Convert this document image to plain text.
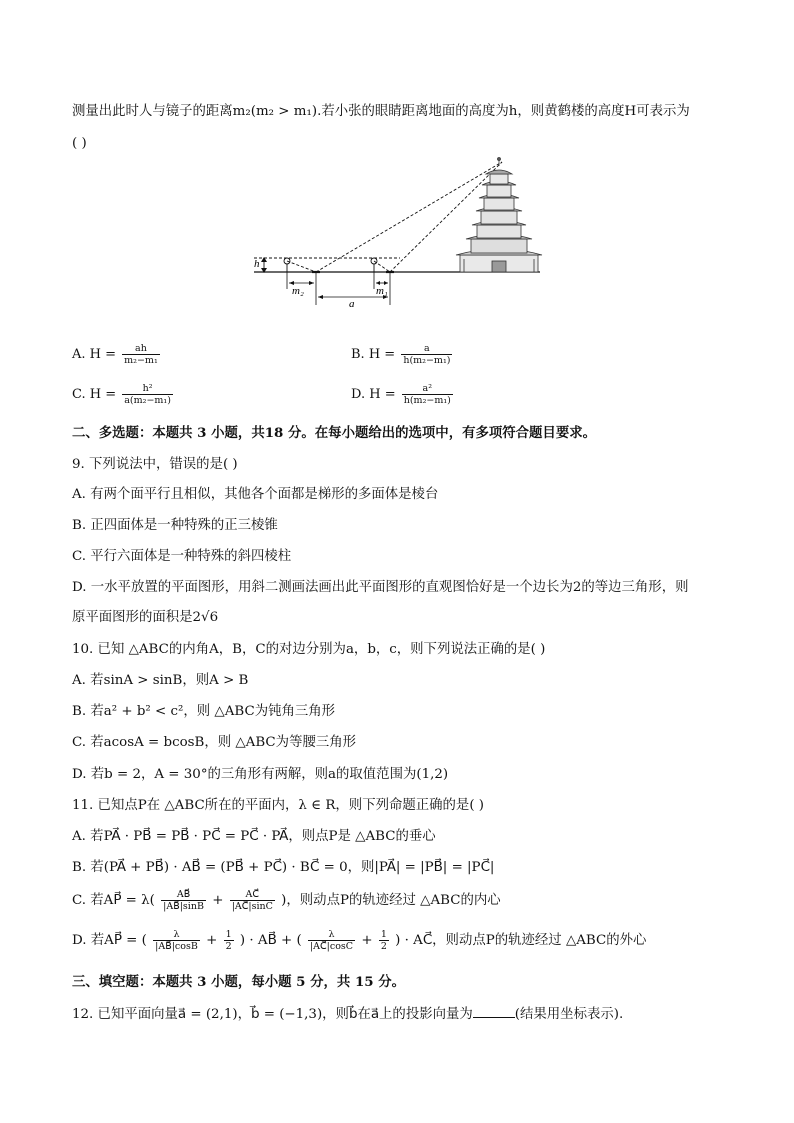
测量出此时人与镜子的距离m₂(m₂ > m₁).若小张的眼睛距离地面的高度为h，则黄鹤楼的高度H可表示为
( )
h
m₂	m₁
a
A. $H = \frac{ah}{\text{m₂−m₁}}$	B. $H = \frac{a}{\text{h(m₂−m₁)}}$
C. $H = \frac{\text{h²}}{\text{a(m₂−m₁)}}$	D. $H = \frac{\text{a²}}{\text{h(m₂−m₁)}}$
二、多选题：本题共 3 小题，共18 分。在每小题给出的选项中，有多项符合题目要求。
9. 下列说法中，错误的是( )
A. 有两个面平行且相似，其他各个面都是梯形的多面体是棱台
B. 正四面体是一种特殊的正三棱锥
C. 平行六面体是一种特殊的斜四棱柱
D. 一水平放置的平面图形，用斜二测画法画出此平面图形的直观图恰好是一个边长为2的等边三角形，则
原平面图形的面积是2√6
10. 已知 △ABC的内角A，B，C的对边分别为a，b，c，则下列说法正确的是( )
A. 若sinA > sinB，则A > B
B. 若a² + b² < c²，则 △ABC为钝角三角形
C. 若acosA = bcosB，则 △ABC为等腰三角形
D. 若b = 2，A = 30°的三角形有两解，则a的取值范围为(1,2)
11. 已知点P在 △ABC所在的平面内，λ ∈ R，则下列命题正确的是( )
A. 若PA⃗ · PB⃗ = PB⃗ · PC⃗ = PC⃗ · PA⃗，则点P是 △ABC的垂心
B. 若(PA⃗ + PB⃗) · AB⃗ = (PB⃗ + PC⃗) · BC⃗ = 0，则|PA⃗| = |PB⃗| = |PC⃗|
C. 若AP⃗ = $\lambda( \frac{AB⃗}{|AB⃗|\sin B} + \frac{AC⃗}{|AC⃗|\sin C}$ )，则动点P的轨迹经过 △ABC的内心
D. 若AP⃗ = ( $\frac{\lambda}{|AB⃗|\cos B} + \frac{1}{2}$ ) · AB⃗ + ( $\frac{\lambda}{|AC⃗|\cos C} + \frac{1}{2}$ ) · AC⃗，则动点P的轨迹经过 △ABC的外心
三、填空题：本题共 3 小题，每小题 5 分，共 15 分。
12. 已知平面向量a⃗ = (2,1)，b⃗ = (−1,3)，则b⃗在a⃗上的投影向量为	(结果用坐标表示).
